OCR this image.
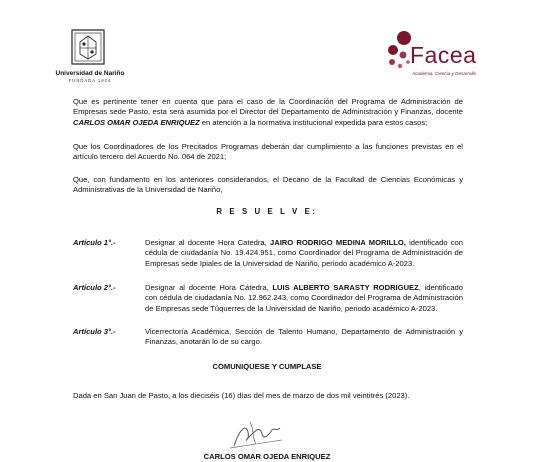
Universidad de Nariño
FUNDADA 1904
Facea
Academia, Ciencia y Desarrollo
Que es pertinente tener en cuenta que para el caso de la Coordinación del Programa de Administración de Empresas sede Pasto, esta será asumida por el Director del Departamento de Administración y Finanzas, docente CARLOS OMAR OJEDA ENRIQUEZ en atención a la normativa institucional expedida para estos casos;
Que los Coordinadores de los Precitados Programas deberán dar cumplimiento a las funciones previstas en el artículo tercero del Acuerdo No. 064 de 2021;
Que, con fundamento en los anteriores considerandos, el Decano de la Facultad de Ciencias Económicas y Administrativas de la Universidad de Nariño,
R E S U E L V E:
Artículo 1°.-	Designar al docente Hora Catedra, JAIRO RODRIGO MEDINA MORILLO, identificado con cédula de ciudadanía No. 19.424.951, como Coordinador del Programa de Administración de Empresas sede Ipiales de la Universidad de Nariño, periodo académico A-2023.
Artículo 2°.-	Designar al docente Hora Cátedra, LUIS ALBERTO SARASTY RODRIGUEZ, identificado con cédula de ciudadanía No. 12.962.243, como Coordinador del Programa de Administración de Empresas sede Túquerres de la Universidad de Nariño, periodo académico A-2023.
Artículo 3°.-	Vicerrectoría Académica, Sección de Talento Humano, Departamento de Administración y Finanzas, anotarán lo de su cargo.
COMUNIQUESE Y CUMPLASE
Dada en San Juan de Pasto, a los dieciséis (16) días del mes de marzo de dos mil veintitrés (2023).
CARLOS OMAR OJEDA ENRIQUEZ
